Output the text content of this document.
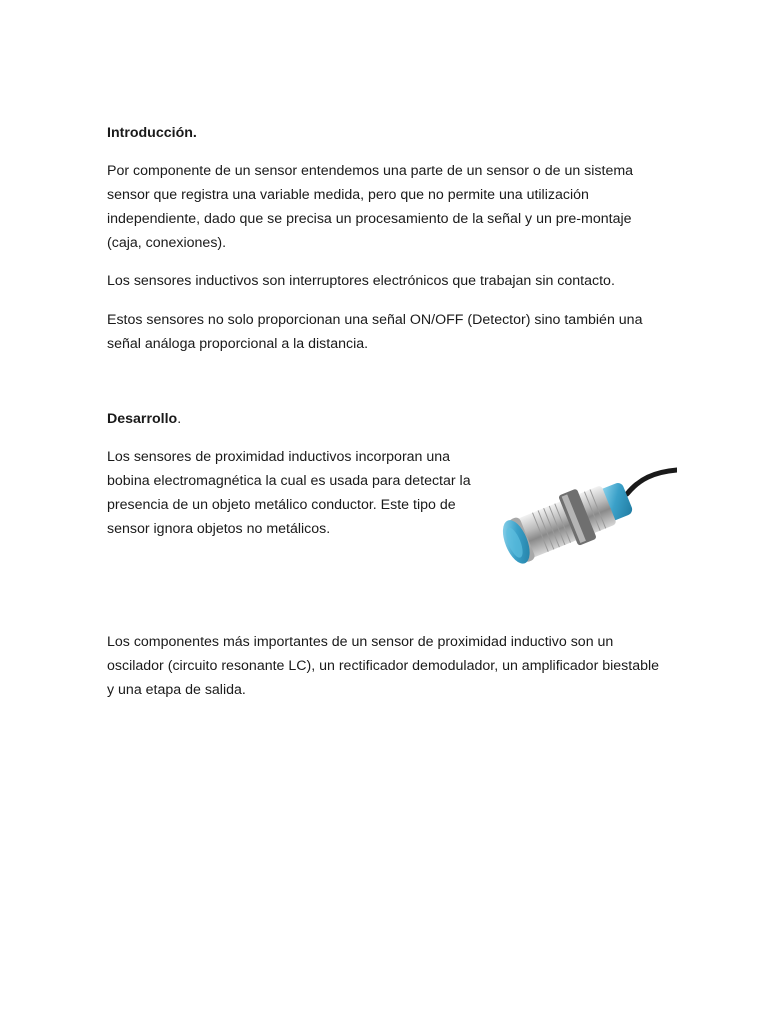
Introducción.

Por componente de un sensor entendemos una parte de un sensor o de un sistema sensor que registra una variable medida, pero que no permite una utilización independiente, dado que se precisa un procesamiento de la señal y un pre-montaje (caja, conexiones).

Los sensores inductivos son interruptores electrónicos que trabajan sin contacto.

Estos sensores no solo proporcionan una señal ON/OFF (Detector) sino también una señal análoga proporcional a la distancia.

Desarrollo.

Los sensores de proximidad inductivos incorporan una bobina electromagnética la cual es usada para detectar la presencia de un objeto metálico conductor. Este tipo de sensor ignora objetos no metálicos.

Los componentes más importantes de un sensor de proximidad inductivo son un oscilador (circuito resonante LC), un rectificador demodulador, un amplificador biestable y una etapa de salida.
